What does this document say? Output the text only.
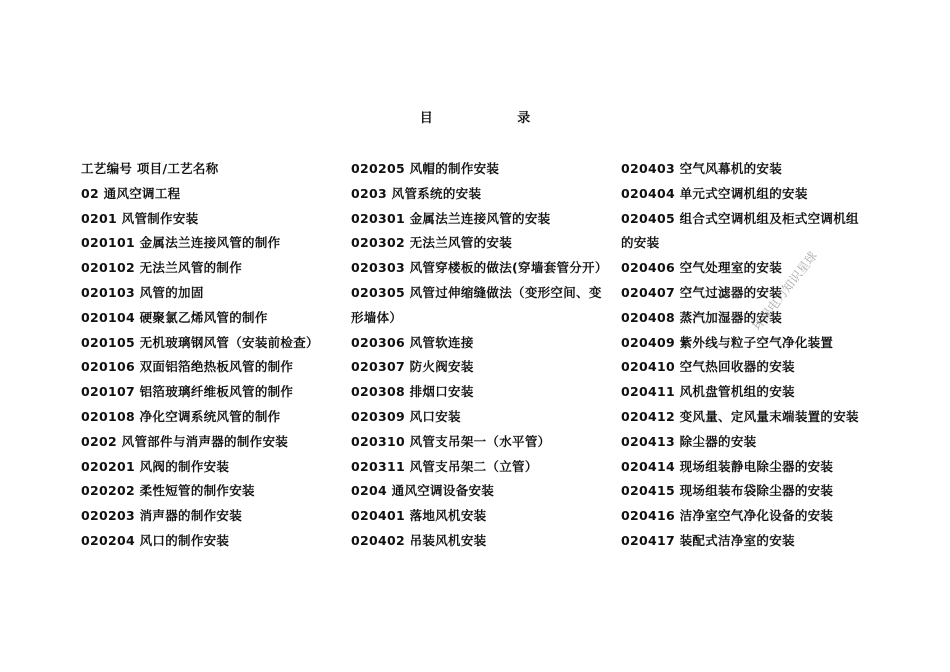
目 录
工艺编号 项目/工艺名称
02 通风空调工程
0201 风管制作安装
020101 金属法兰连接风管的制作
020102 无法兰风管的制作
020103 风管的加固
020104 硬聚氯乙烯风管的制作
020105 无机玻璃钢风管（安装前检查）
020106 双面铝箔绝热板风管的制作
020107 铝箔玻璃纤维板风管的制作
020108 净化空调系统风管的制作
0202 风管部件与消声器的制作安装
020201 风阀的制作安装
020202 柔性短管的制作安装
020203 消声器的制作安装
020204 风口的制作安装
020205 风帽的制作安装
0203 风管系统的安装
020301 金属法兰连接风管的安装
020302 无法兰风管的安装
020303 风管穿楼板的做法(穿墙套管分开）
020305 风管过伸缩缝做法（变形空间、变
形墙体）
020306 风管软连接
020307 防火阀安装
020308 排烟口安装
020309 风口安装
020310 风管支吊架一（水平管）
020311 风管支吊架二（立管）
0204 通风空调设备安装
020401 落地风机安装
020402 吊装风机安装
020403 空气风幕机的安装
020404 单元式空调机组的安装
020405 组合式空调机组及柜式空调机组
的安装
020406 空气处理室的安装
020407 空气过滤器的安装
020408 蒸汽加湿器的安装
020409 紫外线与粒子空气净化装置
020410 空气热回收器的安装
020411 风机盘管机组的安装
020412 变风量、定风量末端装置的安装
020413 除尘器的安装
020414 现场组装静电除尘器的安装
020415 现场组装布袋除尘器的安装
020416 洁净室空气净化设备的安装
020417 装配式洁净室的安装
环保电力知识星球
